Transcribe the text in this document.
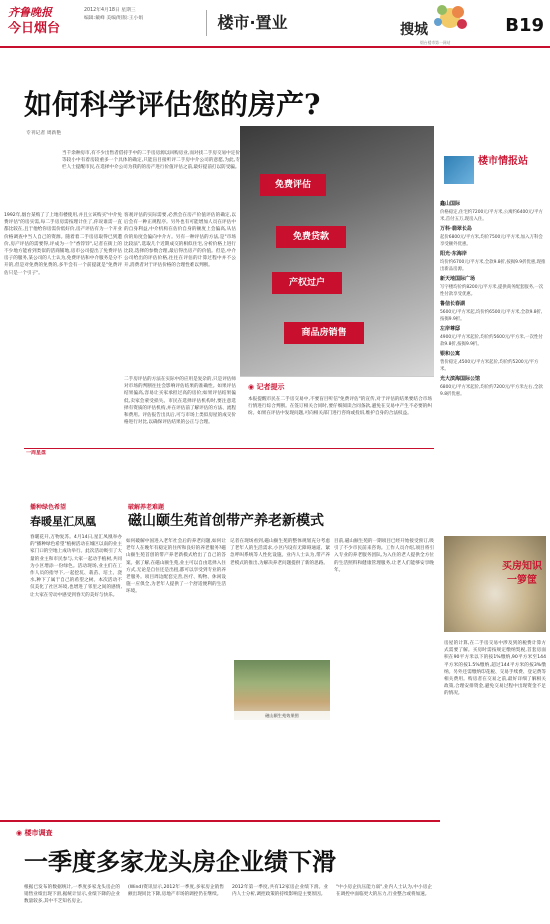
齐鲁晚报
今日烟台
2012年4月18日 星期三
编辑:戴峰 美编/组版:王小娟	楼市·置业	搜城
烟台楼市第一网站
B19
如何科学评估您的房产?
专刊记者 周新艳
当千余种房市,有不少出售者借持手中的二手房房源以回购房业,而对找二手房交易中定价等较小中有着房较重多一个具体的确定,只能盲目接听评二手房中介公司的意愿,为此,专栏人士提醒市民,在选择中介公司为我的的房产进行价值评估之前,最好提前打以防受骗。
免费评估
免费贷款
产权过户
商品房销售
1992年,烟台某购了了上地有楼使用,并且立该购买"中介免费评估"的房实需,每二手房房需按理计住了,你说谁需一直都比较在,且于他给你房需价低好价,房产评估有为一个开业价格调查中当人自己的资源。随着着二手房房取得已到遭价,房产评估的需要得,评成为一个"香饽饽",记者在街上的不少地方能看到类似的活商铺地,房市公司提出了免费评估房子的服务,某公司的人士认为,免费评估和中介服务是分不开的,但是对免费的免费的,多半会有一个前提就是"免费评估只是一个引子"。
客观评估的实际需要,必然会在房产价值评估的确定,以后会有一种正规程序。另外也有可能增加人员在评估中的自身利益,中介机构在估价自身的额度上会偏高,从估价的角度会偏向中介方。另有一种评估的方法,是"市场比较法",选取几个近期成交的相似住宅,分析价格上进行比较,选择的参数合理,最后得出房产的价值。但是,中介公司给出的评估价格,往往在评估的计算过程中并不公开,消费者对于评估价格的合理性难以判断。
◉ 记者提示
本报提醒市民在二手房交易中,不要盲目听信"免费评估"的宣传,对于评估的结果要结合市场行情进行综合判断。在签订相关合同时,要仔细阅读合同条款,避免在交易中产生不必要的纠纷。如果在评估中发现问题,可向相关部门进行咨询或投诉,维护自身的合法权益。
二手房评估的方法在实际中的应用是复杂的,只是评估师对市场的判断往往会影响评估结果的准确性。如果评估结果偏高,容易让买家承担过高的房价;如果评估结果偏低,卖家会蒙受损失。市民在选择评估机构时,要注意选择有资质的评估机构,并在评估前了解评估的方法、流程和费用。评估报告出具后,可与市场上类似房屋的成交价格进行对比,以确保评估结果的公正与合理。
一周星盘
楼市情报站
鑫山国际
价格稳定,住宅约7200元/平方米,公寓约6400元/平方米,首付五万,现房入住。
万科·翡翠长岛
起价6800元/平方米,均价7500元/平方米,加入万科会享受额外优惠。
阳光·东海岸
均价约6700元/平方米,全款9.8折,按揭9.9折优惠,现推出新品房源。
新天地国际广场
写字楼均价约8200元/平方米,提供商务配套服务,一次性付款享受优惠。
鲁信长春湖
5600元/平方米起,均价约6500元/平方米,全款9.8折,按揭9.9折。
左岸尊邸
4900元/平方米起价,均价约5600元/平方米,一次性付款9.8折,按揭9.9折。
银和公寓
售价稳定,4500元/平方米起价,均价约5200元/平方米。
光大滨海国际公馆
6800元/平方米起价,均价约7200元/平方米左右,全款9.8折优惠。
买房知识一箩筐
房屋的计算,在二手房交易中涉及到的税费计算方式需要了解。买房时需按规定缴纳契税,首套房面积在90平方米以下的按1%缴纳,90平方米至144平方米的按1.5%缴纳,超过144平方米的按3%缴纳。另外还需缴纳印花税、交易手续费、登记费等相关费用。购房者在交易之前,最好详细了解相关政策,合理安排资金,避免交易过程中出现资金不足的情况。
播种绿色希望
春暖星汇凤凰
春暖花开,万物复苏。4月14日,星汇凤凰举办的"播种绿色希望"植树活动在城区以南的业主家门口的空地上成功举行。此次活动吸引了大量的业主和市民参与,大家一起动手植树,共同为小区增添一份绿色。活动现场,业主们在工作人员的指导下,一起挖坑、栽苗、培土、浇水,种下了属于自己的希望之树。本次活动不仅美化了社区环境,也增进了邻里之间的感情,让大家在劳动中感受到春天的美好与快乐。
破解养老难题
磁山颐生苑首创带产养老新模式
如何破解中国进入老年社会后的养老问题,如何让老年人在晚年有稳定的住所和良好的养老服务?磁山颐生苑首创的带产养老新模式给出了自己的答案。据了解,在磁山颐生苑,业主可以自由选择入住方式,无论是自住还是出租,都可以享受到专业的养老服务。项目周边配套完善,医疗、购物、休闲设施一应俱全,为老年人提供了一个舒适便利的生活环境。
记者在现场看到,磁山颐生苑的整体规划充分考虑了老年人的生活需求,小区内设有无障碍通道、紧急呼叫系统等人性化设施。业内人士认为,带产养老模式的推出,为解决养老问题提供了新的思路。
磁山颐生苑效果图
目前,磁山颐生苑的一期项目已经开始接受预订,吸引了不少市民前来咨询。工作人员介绍,项目将引入专业的养老服务团队,为入住的老人提供全方位的生活照料和健康管理服务,让老人们能够安享晚年。
◉ 楼市调查
一季度多家龙头房企业绩下滑
根据已发布的数据统计,一季度多家龙头房企的销售业绩出现下滑,据统计显示,业绩下降的企业数量较多,其中不乏知名房企。
(Wind)资讯显示,2012年一季度,多家房企销售额出现同比下降,房地产市场的调控仍在继续。
2012年第一季度,共有12家房企业绩下滑。业内人士分析,调控政策的持续影响是主要原因。
"中小房企抗压能力弱",业内人士认为,中小房企在调控中面临更大的压力,行业整合或将加速。
